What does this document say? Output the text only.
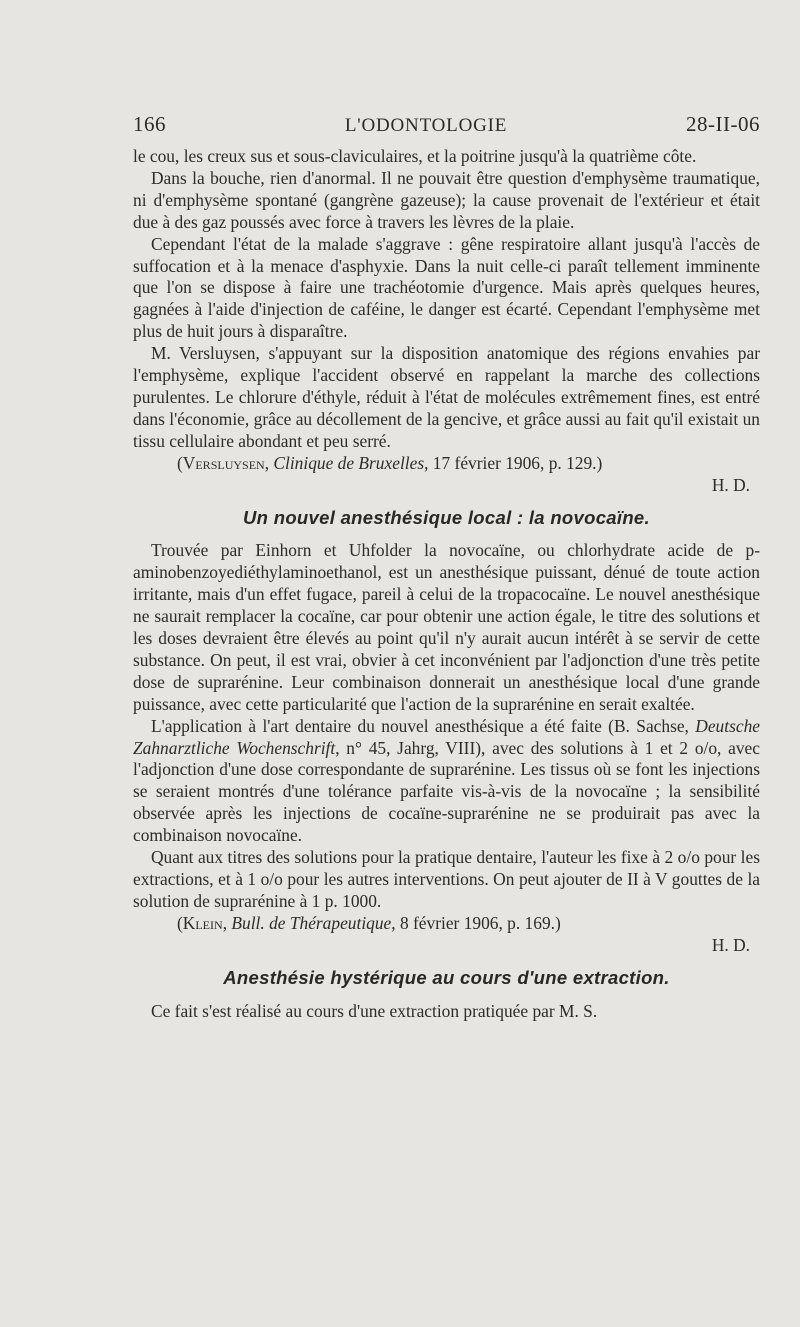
166	L'ODONTOLOGIE	28-II-06

le cou, les creux sus et sous-claviculaires, et la poitrine jusqu'à la quatrième côte.

Dans la bouche, rien d'anormal. Il ne pouvait être question d'emphysème traumatique, ni d'emphysème spontané (gangrène gazeuse); la cause provenait de l'extérieur et était due à des gaz poussés avec force à travers les lèvres de la plaie.

Cependant l'état de la malade s'aggrave : gêne respiratoire allant jusqu'à l'accès de suffocation et à la menace d'asphyxie. Dans la nuit celle-ci paraît tellement imminente que l'on se dispose à faire une trachéotomie d'urgence. Mais après quelques heures, gagnées à l'aide d'injection de caféine, le danger est écarté. Cependant l'emphysème met plus de huit jours à disparaître.

M. Versluysen, s'appuyant sur la disposition anatomique des régions envahies par l'emphysème, explique l'accident observé en rappelant la marche des collections purulentes. Le chlorure d'éthyle, réduit à l'état de molécules extrêmement fines, est entré dans l'économie, grâce au décollement de la gencive, et grâce aussi au fait qu'il existait un tissu cellulaire abondant et peu serré.

(Versluysen, Clinique de Bruxelles, 17 février 1906, p. 129.)

H. D.

Un nouvel anesthésique local : la novocaïne.

Trouvée par Einhorn et Uhfolder la novocaïne, ou chlorhydrate acide de p-aminobenzoyediéthylaminoethanol, est un anesthésique puissant, dénué de toute action irritante, mais d'un effet fugace, pareil à celui de la tropacocaïne. Le nouvel anesthésique ne saurait remplacer la cocaïne, car pour obtenir une action égale, le titre des solutions et les doses devraient être élevés au point qu'il n'y aurait aucun intérêt à se servir de cette substance. On peut, il est vrai, obvier à cet inconvénient par l'adjonction d'une très petite dose de suprarénine. Leur combinaison donnerait un anesthésique local d'une grande puissance, avec cette particularité que l'action de la suprarénine en serait exaltée.

L'application à l'art dentaire du nouvel anesthésique a été faite (B. Sachse, Deutsche Zahnarztliche Wochenschrift, n° 45, Jahrg, VIII), avec des solutions à 1 et 2 o/o, avec l'adjonction d'une dose correspondante de suprarénine. Les tissus où se font les injections se seraient montrés d'une tolérance parfaite vis-à-vis de la novocaïne ; la sensibilité observée après les injections de cocaïne-suprarénine ne se produirait pas avec la combinaison novocaïne.

Quant aux titres des solutions pour la pratique dentaire, l'auteur les fixe à 2 o/o pour les extractions, et à 1 o/o pour les autres interventions. On peut ajouter de II à V gouttes de la solution de suprarénine à 1 p. 1000.

(Klein, Bull. de Thérapeutique, 8 février 1906, p. 169.)

H. D.

Anesthésie hystérique au cours d'une extraction.

Ce fait s'est réalisé au cours d'une extraction pratiquée par M. S.
